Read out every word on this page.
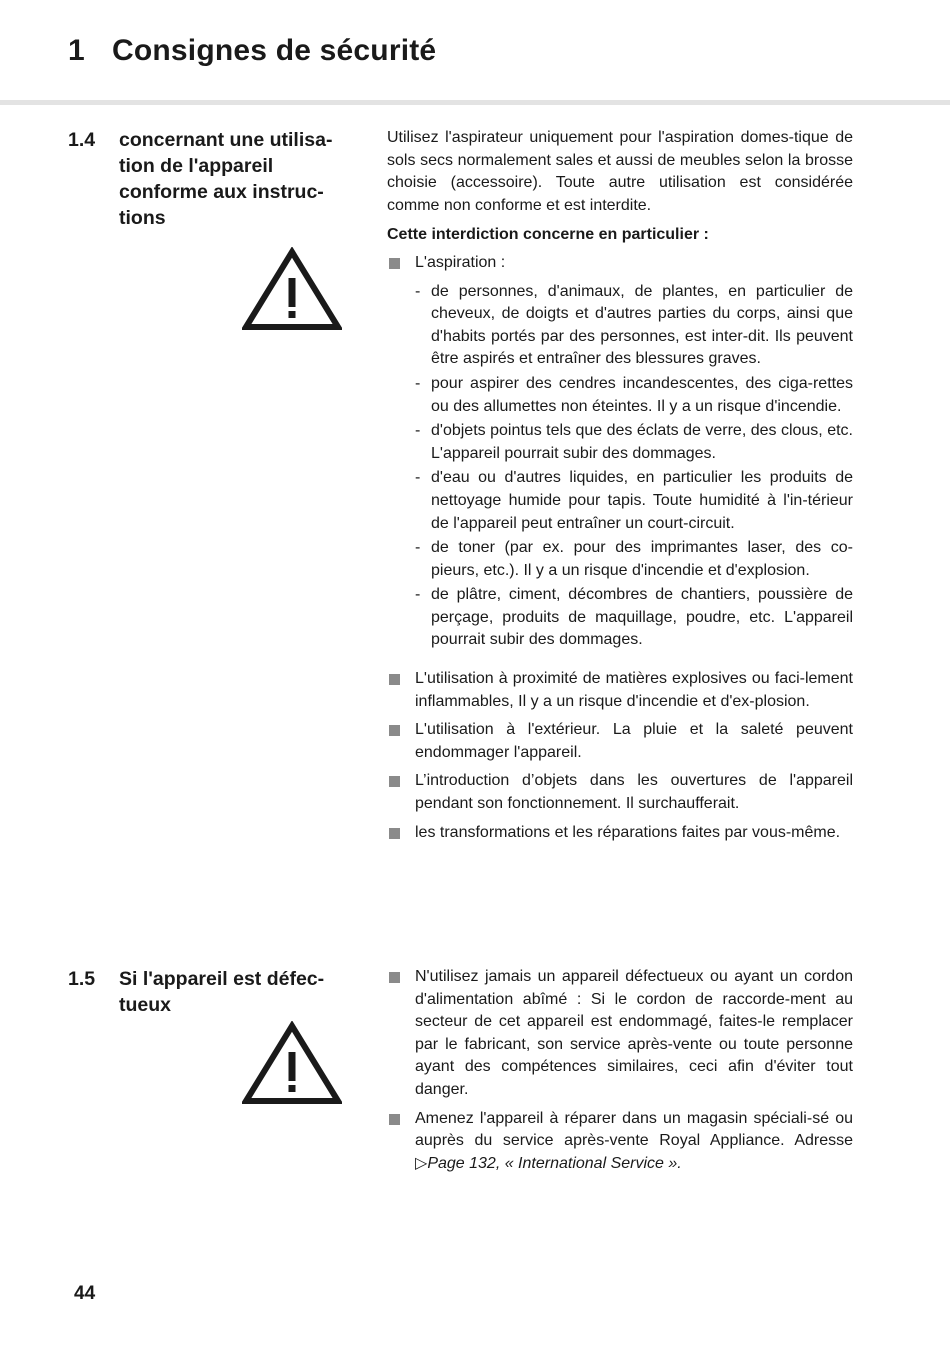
1 Consignes de sécurité
1.4 concernant une utilisa-tion de l'appareil conforme aux instruc-tions

Utilisez l'aspirateur uniquement pour l'aspiration domes-tique de sols secs normalement sales et aussi de meubles selon la brosse choisie (accessoire). Toute autre utilisation est considérée comme non conforme et est interdite.

Cette interdiction concerne en particulier :

L'aspiration :
- de personnes, d'animaux, de plantes, en particulier de cheveux, de doigts et d'autres parties du corps, ainsi que d'habits portés par des personnes, est inter-dit. Ils peuvent être aspirés et entraîner des blessures graves.
- pour aspirer des cendres incandescentes, des ciga-rettes ou des allumettes non éteintes. Il y a un risque d'incendie.
- d'objets pointus tels que des éclats de verre, des clous, etc. L'appareil pourrait subir des dommages.
- d'eau ou d'autres liquides, en particulier les produits de nettoyage humide pour tapis. Toute humidité à l'in-térieur de l'appareil peut entraîner un court-circuit.
- de toner (par ex. pour des imprimantes laser, des co-pieurs, etc.). Il y a un risque d'incendie et d'explosion.
- de plâtre, ciment, décombres de chantiers, poussière de perçage, produits de maquillage, poudre, etc. L'appareil pourrait subir des dommages.
L'utilisation à proximité de matières explosives ou faci-lement inflammables, Il y a un risque d'incendie et d'ex-plosion.
L'utilisation à l'extérieur. La pluie et la saleté peuvent endommager l'appareil.
L’introduction d’objets dans les ouvertures de l'appareil pendant son fonctionnement. Il surchaufferait.
les transformations et les réparations faites par vous-même.
1.5 Si l'appareil est défec-tueux
N'utilisez jamais un appareil défectueux ou ayant un cordon d'alimentation abîmé : Si le cordon de raccorde-ment au secteur de cet appareil est endommagé, faites-le remplacer par le fabricant, son service après-vente ou toute personne ayant des compétences similaires, ceci afin d'éviter tout danger.
Amenez l'appareil à réparer dans un magasin spéciali-sé ou auprès du service après-vente Royal Appliance. Adresse ▷Page 132, « International Service ».
44
